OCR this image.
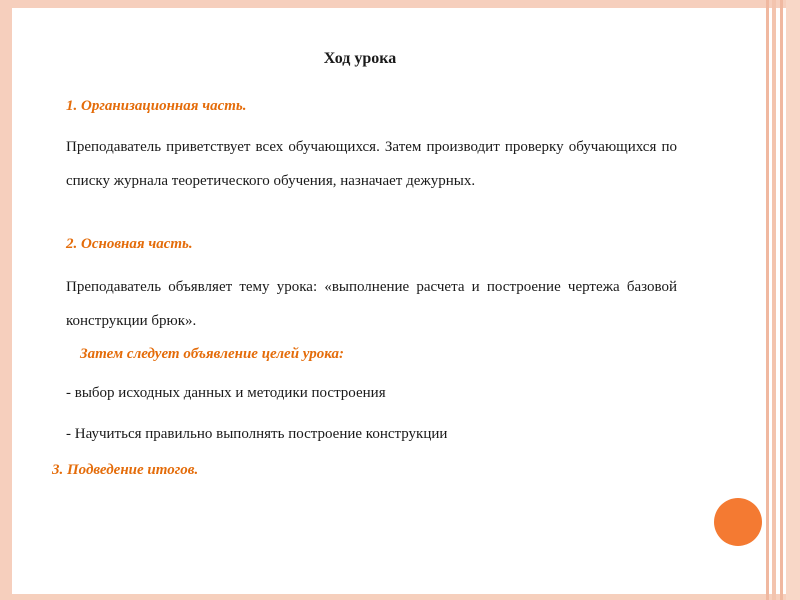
Ход урока
1. Организационная часть.
Преподаватель приветствует всех обучающихся. Затем производит проверку обучающихся по списку журнала теоретического обучения, назначает дежурных.
2. Основная часть.
Преподаватель объявляет тему урока: «выполнение расчета и построение чертежа базовой конструкции брюк».
Затем следует объявление целей урока:
- выбор исходных данных и методики построения
- Научиться правильно выполнять построение конструкции
3. Подведение итогов.
